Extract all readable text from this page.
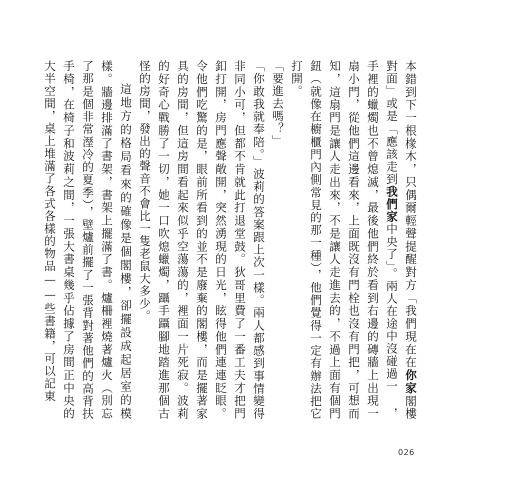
本錯到下一根椽木，只偶爾輕聲提醒對方「我們現在在你家閣樓對面」或是「應該走到我們家中央了」。兩人在途中沒碰過一 ，手裡的蠟燭也不曾熄滅，最後他們終於看到右邊的磚牆上出現一扇小門，從他們這邊看來，上面既沒有門栓也沒有門把，可想而知，這扇門是讓人走出來，不是讓人走進去的，不過上面有個門鈕（就像在櫥櫃門內側常見的那一種），他們覺得一定有辦法把它打開。

「要進去嗎？」

「你敢我就奉陪。」波莉的答案跟上次一樣。兩人都感到事情變得非同小可，但都不肯就此打退堂鼓。狄哥里費了一番工夫才把門釦打開，房門應聲敞開，突然湧現的日光，眩得他們連連眨眼。令他們吃驚的是，眼前所看到的並不是廢棄的閣樓，而是擺著家具的房間，但這房間看起來似乎空蕩蕩的，裡面一片死寂。波莉的好奇心戰勝了一切，她一口吹熄蠟燭，躡手躡腳地踏進那個古怪的房間，發出的聲音不會比一隻老鼠大多少。

這地方的格局看來的確像是個閣樓，卻擺設成起居室的模樣。牆邊排滿了書架，書架上擺滿了書。爐柵裡燒著爐火（別忘了那是個非常溼冷的夏季），壁爐前擺了一張背對著他們的高背扶手椅，在椅子和波莉之間，一張大書桌幾乎佔據了房間正中央的大半空間，桌上堆滿了各式各樣的物品——些書籍，可以記東

026
